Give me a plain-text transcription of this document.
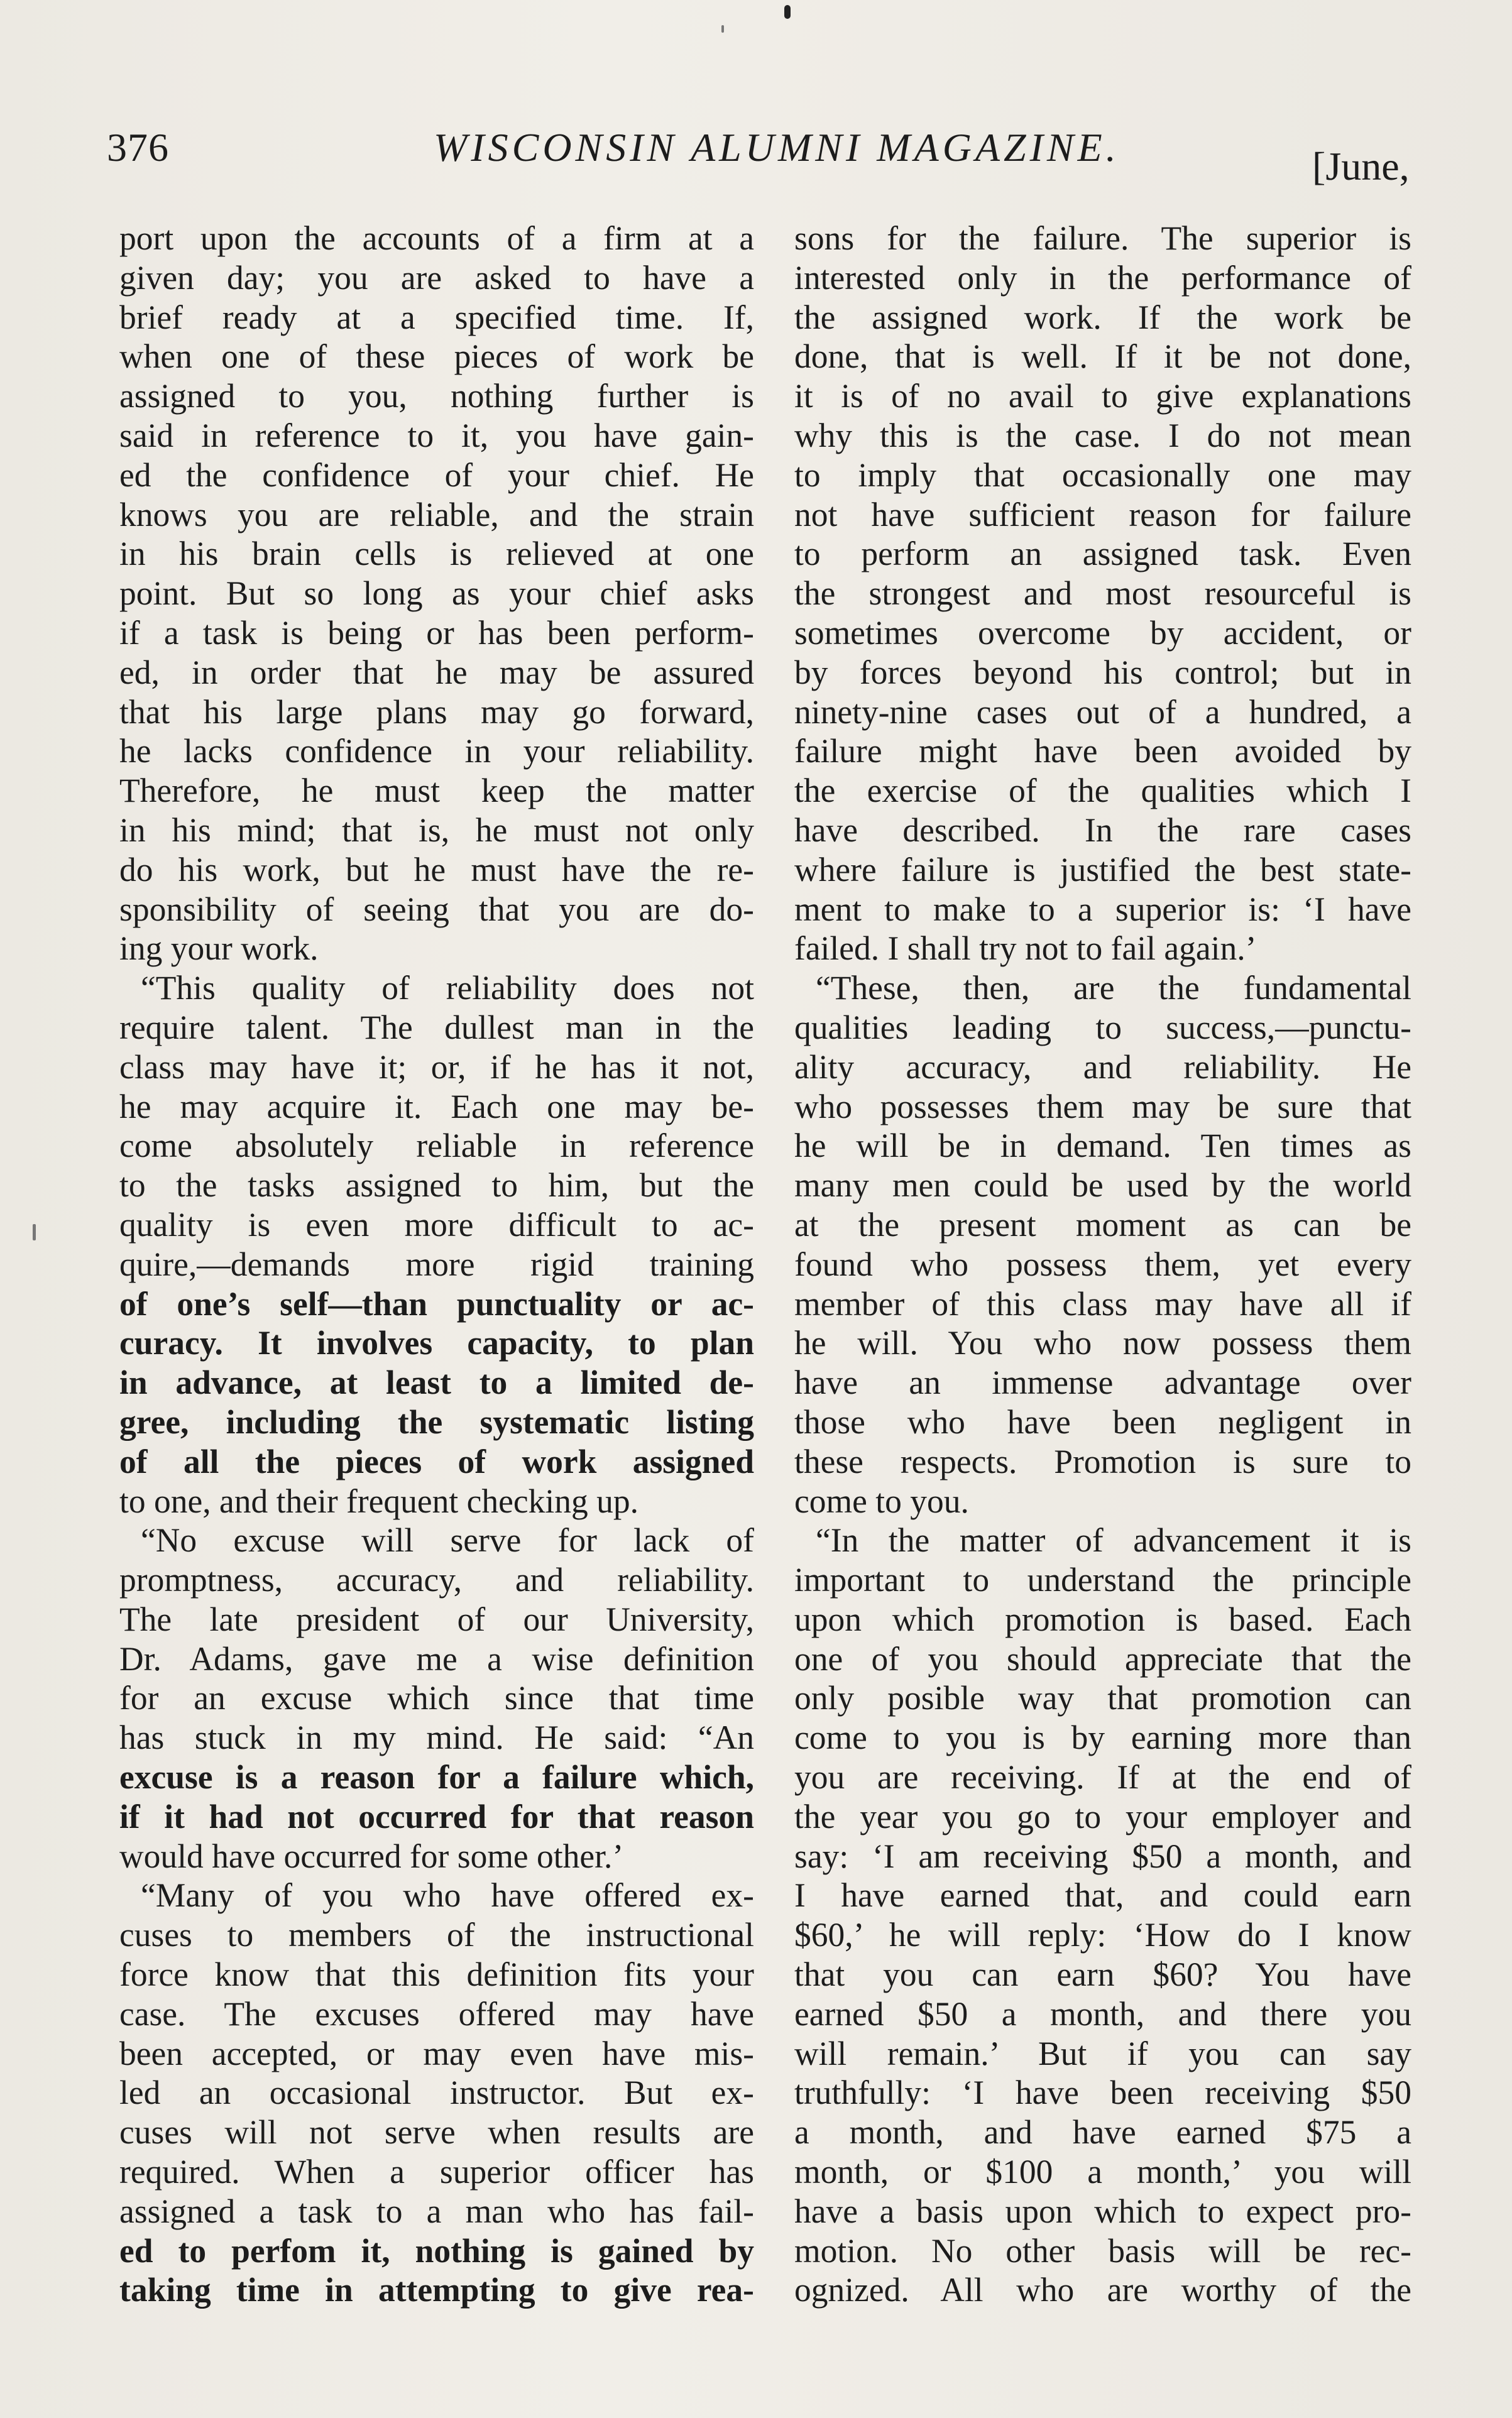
376	WISCONSIN ALUMNI MAGAZINE.	[June,
port upon the accounts of a firm at a
given day; you are asked to have a
brief ready at a specified time. If,
when one of these pieces of work be
assigned to you, nothing further is
said in reference to it, you have gain-
ed the confidence of your chief. He
knows you are reliable, and the strain
in his brain cells is relieved at one
point. But so long as your chief asks
if a task is being or has been perform-
ed, in order that he may be assured
that his large plans may go forward,
he lacks confidence in your reliability.
Therefore, he must keep the matter
in his mind; that is, he must not only
do his work, but he must have the re-
sponsibility of seeing that you are do-
ing your work.
“This quality of reliability does not
require talent. The dullest man in the
class may have it; or, if he has it not,
he may acquire it. Each one may be-
come absolutely reliable in reference
to the tasks assigned to him, but the
quality is even more difficult to ac-
quire,—demands more rigid training
of one’s self—than punctuality or ac-
curacy. It involves capacity, to plan
in advance, at least to a limited de-
gree, including the systematic listing
of all the pieces of work assigned
to one, and their frequent checking up.
“No excuse will serve for lack of
promptness, accuracy, and reliability.
The late president of our University,
Dr. Adams, gave me a wise definition
for an excuse which since that time
has stuck in my mind. He said: “An
excuse is a reason for a failure which,
if it had not occurred for that reason
would have occurred for some other.’
“Many of you who have offered ex-
cuses to members of the instructional
force know that this definition fits your
case. The excuses offered may have
been accepted, or may even have mis-
led an occasional instructor. But ex-
cuses will not serve when results are
required. When a superior officer has
assigned a task to a man who has fail-
ed to perfom it, nothing is gained by
taking time in attempting to give rea-
sons for the failure. The superior is
interested only in the performance of
the assigned work. If the work be
done, that is well. If it be not done,
it is of no avail to give explanations
why this is the case. I do not mean
to imply that occasionally one may
not have sufficient reason for failure
to perform an assigned task. Even
the strongest and most resourceful is
sometimes overcome by accident, or
by forces beyond his control; but in
ninety-nine cases out of a hundred, a
failure might have been avoided by
the exercise of the qualities which I
have described. In the rare cases
where failure is justified the best state-
ment to make to a superior is: ‘I have
failed. I shall try not to fail again.’
“These, then, are the fundamental
qualities leading to success,—punctu-
ality accuracy, and reliability. He
who possesses them may be sure that
he will be in demand. Ten times as
many men could be used by the world
at the present moment as can be
found who possess them, yet every
member of this class may have all if
he will. You who now possess them
have an immense advantage over
those who have been negligent in
these respects. Promotion is sure to
come to you.
“In the matter of advancement it is
important to understand the principle
upon which promotion is based. Each
one of you should appreciate that the
only posible way that promotion can
come to you is by earning more than
you are receiving. If at the end of
the year you go to your employer and
say: ‘I am receiving $50 a month, and
I have earned that, and could earn
$60,’ he will reply: ‘How do I know
that you can earn $60? You have
earned $50 a month, and there you
will remain.’ But if you can say
truthfully: ‘I have been receiving $50
a month, and have earned $75 a
month, or $100 a month,’ you will
have a basis upon which to expect pro-
motion. No other basis will be rec-
ognized. All who are worthy of the
